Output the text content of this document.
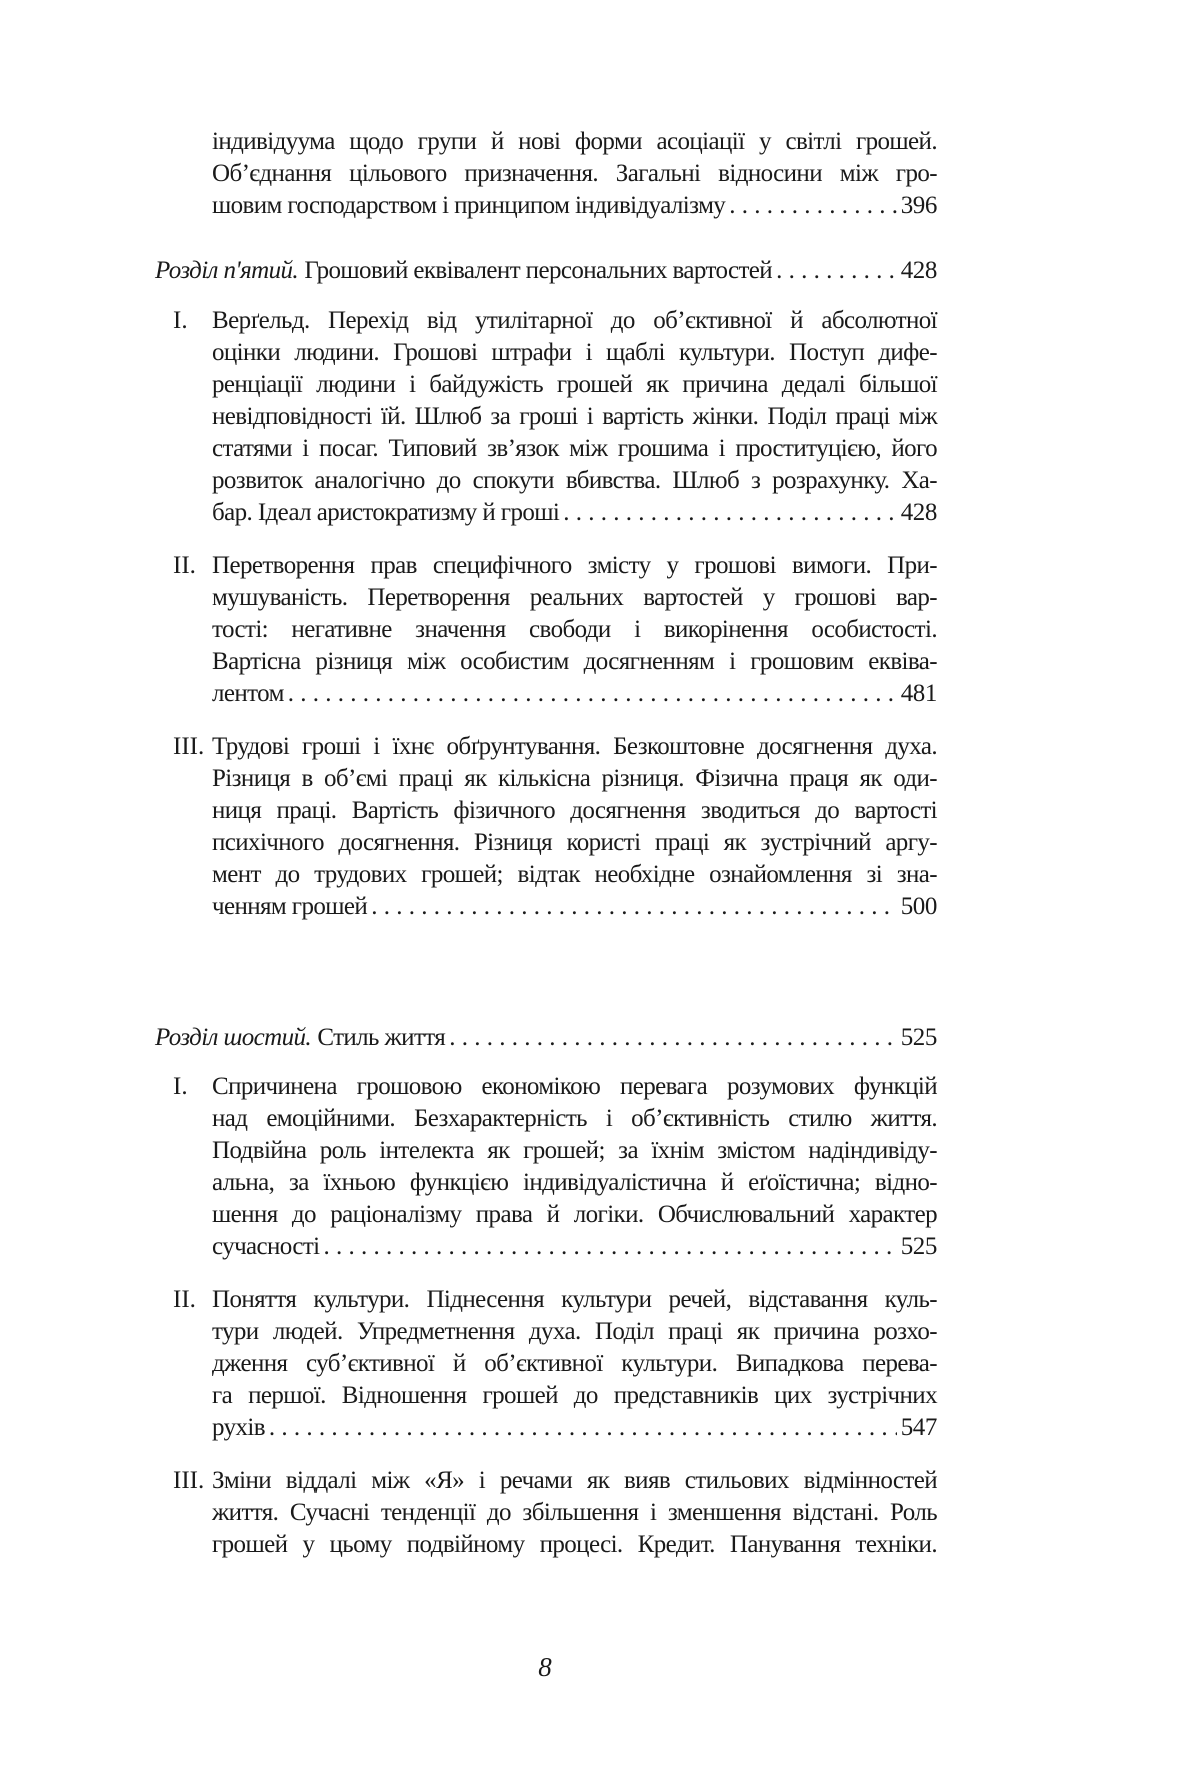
індивідуума щодо групи й нові форми асоціації у світлі грошей.
Об’єднання цільового призначення. Загальні відносини між гро-
шовим господарством і принципом індивідуалізму . . .	396
Розділ п'ятий.
Грошовий еквівалент персональних вартостей . . .	428
I. Верґельд. Перехід від утилітарної до об’єктивної й абсолютної
оцінки людини. Грошові штрафи і щаблі культури. Поступ дифе-
ренціації людини і байдужість грошей як причина дедалі більшої
невідповідності їй. Шлюб за гроші і вартість жінки. Поділ праці між
статями і посаг. Типовий зв’язок між грошима і проституцією, його
розвиток аналогічно до спокути вбивства. Шлюб з розрахунку. Ха-
бар. Ідеал аристократизму й гроші . . .	428
II. Перетворення прав специфічного змісту у грошові вимоги. При-
мушуваність. Перетворення реальних вартостей у грошові вар-
тості: негативне значення свободи і викорінення особистості.
Вартісна різниця між особистим досягненням і грошовим еквіва-
лентом . . .	481
III. Трудові гроші і їхнє обґрунтування. Безкоштовне досягнення духа.
Різниця в об’ємі праці як кількісна різниця. Фізична праця як оди-
ниця праці. Вартість фізичного досягнення зводиться до вартості
психічного досягнення. Різниця користі праці як зустрічний аргу-
мент до трудових грошей; відтак необхідне ознайомлення зі зна-
ченням грошей . . .	500
Розділ шостий.
Стиль життя . . .	525
I. Спричинена грошовою економікою перевага розумових функцій
над емоційними. Безхарактерність і об’єктивність стилю життя.
Подвійна роль інтелекта як грошей; за їхнім змістом надіндивіду-
альна, за їхньою функцією індивідуалістична й еґоїстична; відно-
шення до раціоналізму права й логіки. Обчислювальний характер
сучасності . . .	525
II. Поняття культури. Піднесення культури речей, відставання куль-
тури людей. Упредметнення духа. Поділ праці як причина розхо-
дження суб’єктивної й об’єктивної культури. Випадкова перева-
га першої. Відношення грошей до представників цих зустрічних
рухів . . .	547
III. Зміни віддалі між «Я» і речами як вияв стильових відмінностей
життя. Сучасні тенденції до збільшення і зменшення відстані. Роль
грошей у цьому подвійному процесі. Кредит. Панування техніки.
8
